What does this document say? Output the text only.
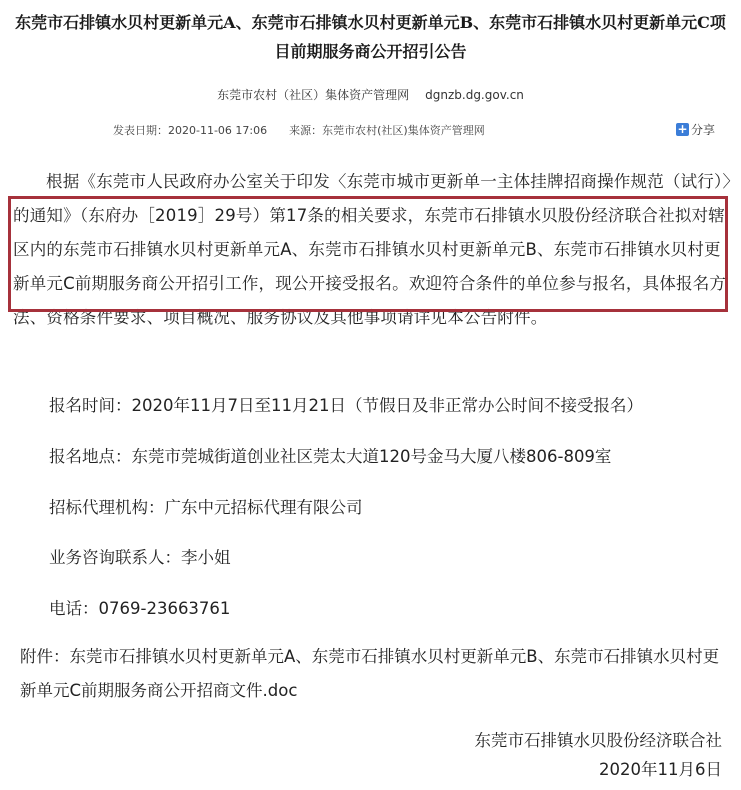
东莞市石排镇水贝村更新单元A、东莞市石排镇水贝村更新单元B、东莞市石排镇水贝村更新单元C项目前期服务商公开招引公告
东莞市农村（社区）集体资产管理网 dgnzb.dg.gov.cn
发表日期：2020-11-06 17:06 来源：东莞市农村(社区)集体资产管理网	+ 分享

根据《东莞市人民政府办公室关于印发〈东莞市城市更新单一主体挂牌招商操作规范（试行）〉的通知》（东府办［2019］29号）第17条的相关要求，东莞市石排镇水贝股份经济联合社拟对辖区内的东莞市石排镇水贝村更新单元A、东莞市石排镇水贝村更新单元B、东莞市石排镇水贝村更新单元C前期服务商公开招引工作，现公开接受报名。欢迎符合条件的单位参与报名，具体报名方法、资格条件要求、项目概况、服务协议及其他事项请详见本公告附件。

报名时间：2020年11月7日至11月21日（节假日及非正常办公时间不接受报名）
报名地点：东莞市莞城街道创业社区莞太大道120号金马大厦八楼806-809室
招标代理机构：广东中元招标代理有限公司
业务咨询联系人：李小姐
电话：0769-23663761
附件：东莞市石排镇水贝村更新单元A、东莞市石排镇水贝村更新单元B、东莞市石排镇水贝村更新单元C前期服务商公开招商文件.doc
东莞市石排镇水贝股份经济联合社
2020年11月6日
